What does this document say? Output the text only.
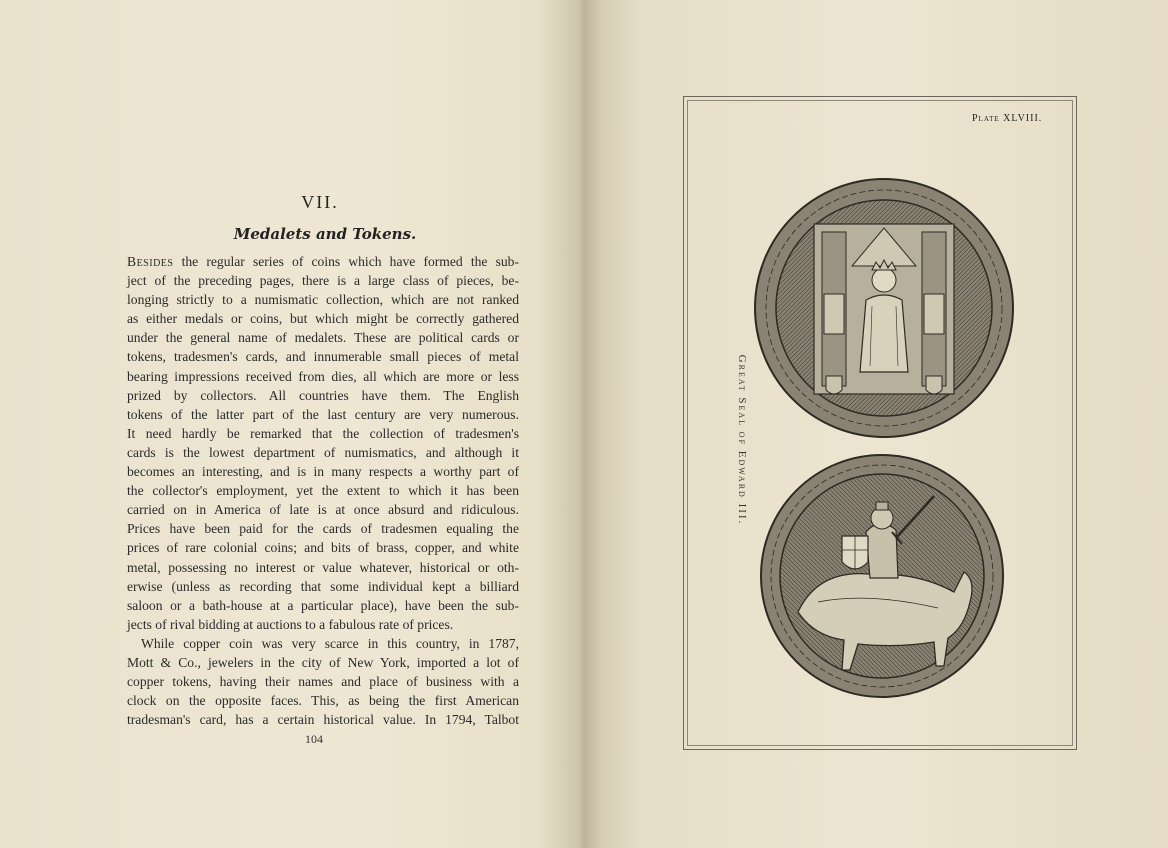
VII.
Medalets and Tokens.
Besides the regular series of coins which have formed the sub-
ject of the preceding pages, there is a large class of pieces, be-
longing strictly to a numismatic collection, which are not ranked
as either medals or coins, but which might be correctly gathered
under the general name of medalets. These are political cards or
tokens, tradesmen's cards, and innumerable small pieces of metal
bearing impressions received from dies, all which are more or less
prized by collectors. All countries have them. The English
tokens of the latter part of the last century are very numerous.
It need hardly be remarked that the collection of tradesmen's
cards is the lowest department of numismatics, and although it
becomes an interesting, and is in many respects a worthy part of
the collector's employment, yet the extent to which it has been
carried on in America of late is at once absurd and ridiculous.
Prices have been paid for the cards of tradesmen equaling the
prices of rare colonial coins; and bits of brass, copper, and white
metal, possessing no interest or value whatever, historical or oth-
erwise (unless as recording that some individual kept a billiard
saloon or a bath-house at a particular place), have been the sub-
jects of rival bidding at auctions to a fabulous rate of prices.
While copper coin was very scarce in this country, in 1787,
Mott & Co., jewelers in the city of New York, imported a lot of
copper tokens, having their names and place of business with a
clock on the opposite faces. This, as being the first American
tradesman's card, has a certain historical value. In 1794, Talbot
104
Plate XLVIII.
Great Seal of Edward III.
